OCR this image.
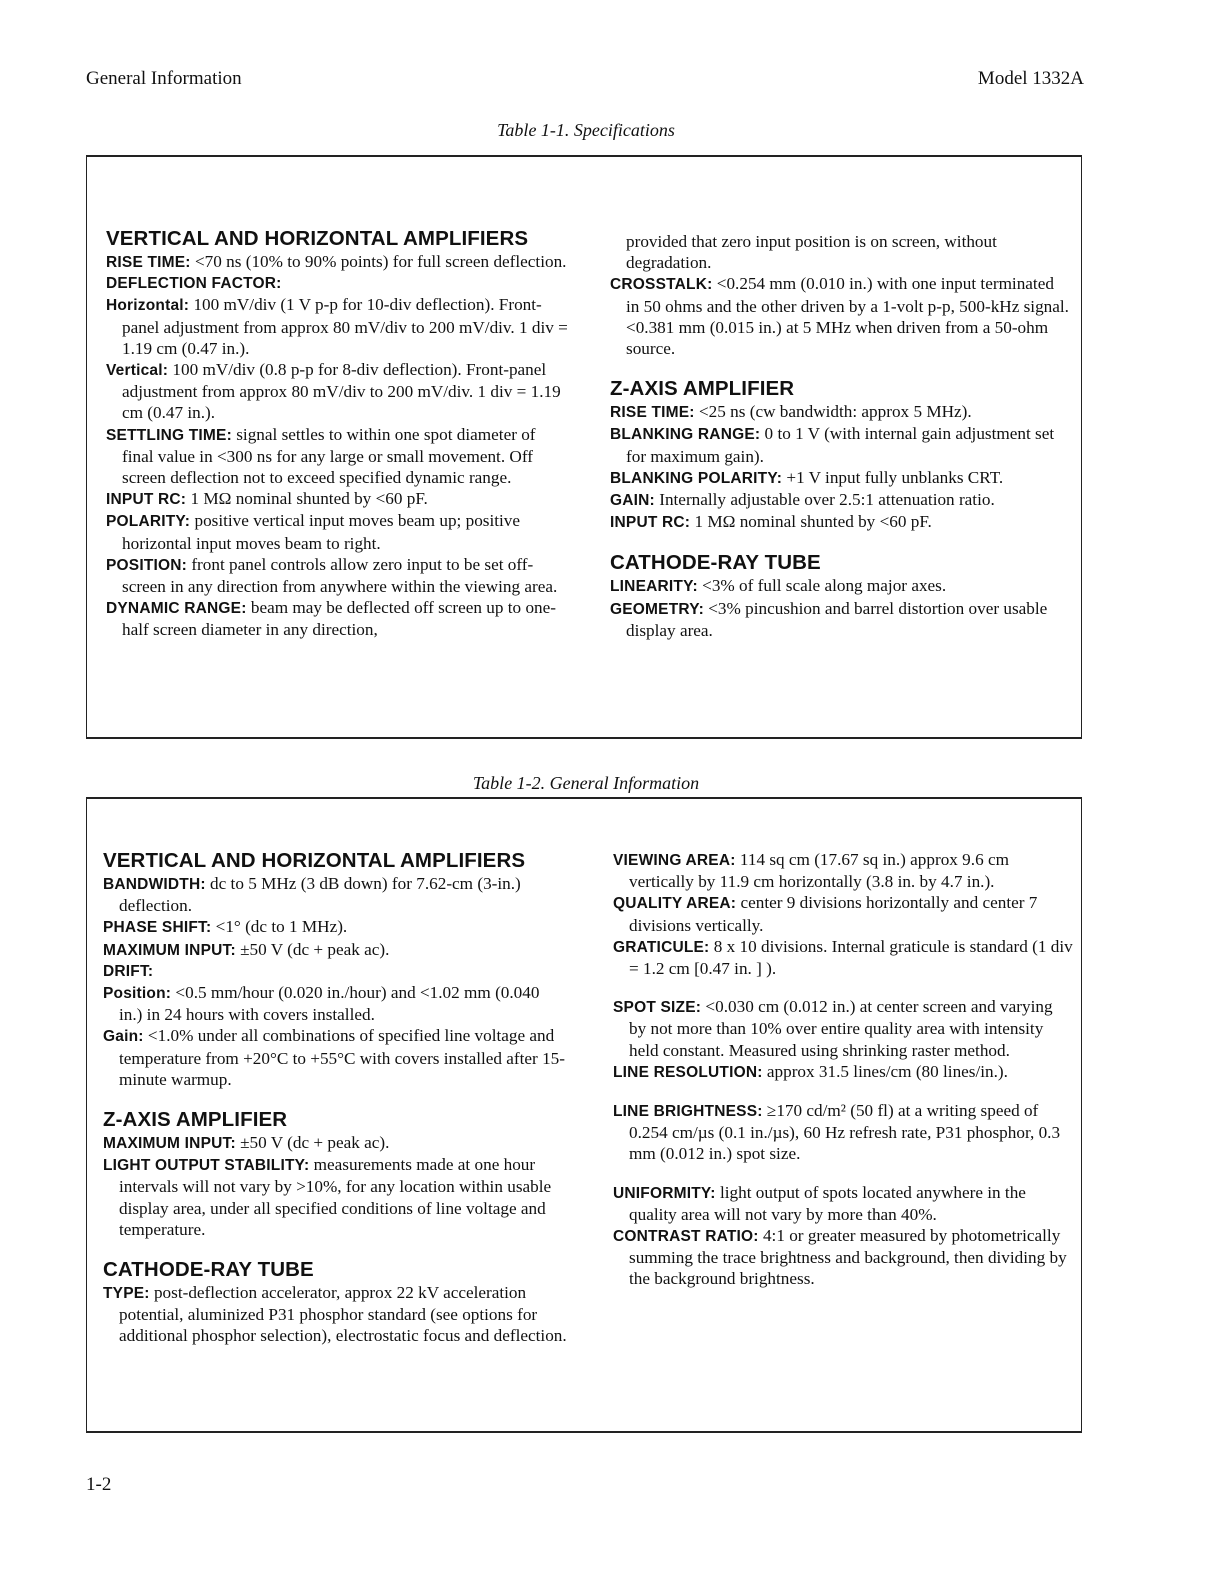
General Information	Model 1332A
Table 1-1. Specifications
VERTICAL AND HORIZONTAL AMPLIFIERS
RISE TIME: <70 ns (10% to 90% points) for full screen deflection.
DEFLECTION FACTOR:
Horizontal: 100 mV/div (1 V p-p for 10-div deflection). Front-panel adjustment from approx 80 mV/div to 200 mV/div. 1 div = 1.19 cm (0.47 in.).
Vertical: 100 mV/div (0.8 p-p for 8-div deflection). Front-panel adjustment from approx 80 mV/div to 200 mV/div. 1 div = 1.19 cm (0.47 in.).
SETTLING TIME: signal settles to within one spot diameter of final value in <300 ns for any large or small movement. Off screen deflection not to exceed specified dynamic range.
INPUT RC: 1 MΩ nominal shunted by <60 pF.
POLARITY: positive vertical input moves beam up; positive horizontal input moves beam to right.
POSITION: front panel controls allow zero input to be set off-screen in any direction from anywhere within the viewing area.
DYNAMIC RANGE: beam may be deflected off screen up to one-half screen diameter in any direction,
provided that zero input position is on screen, without degradation.
CROSSTALK: <0.254 mm (0.010 in.) with one input terminated in 50 ohms and the other driven by a 1-volt p-p, 500-kHz signal. <0.381 mm (0.015 in.) at 5 MHz when driven from a 50-ohm source.
Z-AXIS AMPLIFIER
RISE TIME: <25 ns (cw bandwidth: approx 5 MHz).
BLANKING RANGE: 0 to 1 V (with internal gain adjustment set for maximum gain).
BLANKING POLARITY: +1 V input fully unblanks CRT.
GAIN: Internally adjustable over 2.5:1 attenuation ratio.
INPUT RC: 1 MΩ nominal shunted by <60 pF.
CATHODE-RAY TUBE
LINEARITY: <3% of full scale along major axes.
GEOMETRY: <3% pincushion and barrel distortion over usable display area.
Table 1-2. General Information
VERTICAL AND HORIZONTAL AMPLIFIERS
BANDWIDTH: dc to 5 MHz (3 dB down) for 7.62-cm (3-in.) deflection.
PHASE SHIFT: <1° (dc to 1 MHz).
MAXIMUM INPUT: ±50 V (dc + peak ac).
DRIFT:
Position: <0.5 mm/hour (0.020 in./hour) and <1.02 mm (0.040 in.) in 24 hours with covers installed.
Gain: <1.0% under all combinations of specified line voltage and temperature from +20°C to +55°C with covers installed after 15-minute warmup.
Z-AXIS AMPLIFIER
MAXIMUM INPUT: ±50 V (dc + peak ac).
LIGHT OUTPUT STABILITY: measurements made at one hour intervals will not vary by >10%, for any location within usable display area, under all specified conditions of line voltage and temperature.
CATHODE-RAY TUBE
TYPE: post-deflection accelerator, approx 22 kV acceleration potential, aluminized P31 phosphor standard (see options for additional phosphor selection), electrostatic focus and deflection.
VIEWING AREA: 114 sq cm (17.67 sq in.) approx 9.6 cm vertically by 11.9 cm horizontally (3.8 in. by 4.7 in.).
QUALITY AREA: center 9 divisions horizontally and center 7 divisions vertically.
GRATICULE: 8 x 10 divisions. Internal graticule is standard (1 div = 1.2 cm [0.47 in. ] ).
SPOT SIZE: <0.030 cm (0.012 in.) at center screen and varying by not more than 10% over entire quality area with intensity held constant. Measured using shrinking raster method.
LINE RESOLUTION: approx 31.5 lines/cm (80 lines/in.).
LINE BRIGHTNESS: ≥170 cd/m² (50 fl) at a writing speed of 0.254 cm/µs (0.1 in./µs), 60 Hz refresh rate, P31 phosphor, 0.3 mm (0.012 in.) spot size.
UNIFORMITY: light output of spots located anywhere in the quality area will not vary by more than 40%.
CONTRAST RATIO: 4:1 or greater measured by photometrically summing the trace brightness and background, then dividing by the background brightness.
1-2
